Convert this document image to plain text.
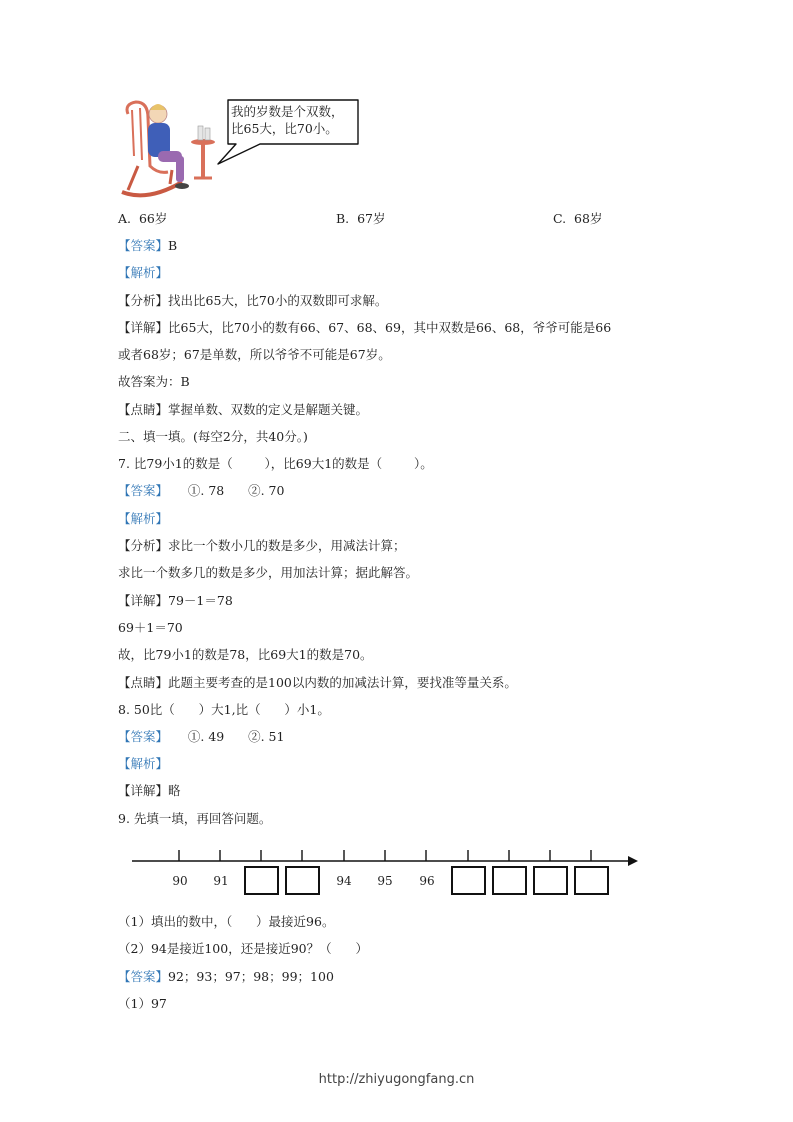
我的岁数是个双数，
比65大，比70小。
A.  66岁	B.  67岁	C.  68岁
【答案】B
【解析】
【分析】找出比65大，比70小的双数即可求解。
【详解】比65大，比70小的数有66、67、68、69，其中双数是66、68，爷爷可能是66
或者68岁；67是单数，所以爷爷不可能是67岁。
故答案为：B
【点睛】掌握单数、双数的定义是解题关键。
二、填一填。(每空2分，共40分。)
7. 比79小1的数是（        ），比69大1的数是（        ）。
【答案】     ①. 78      ②. 70
【解析】
【分析】求比一个数小几的数是多少，用减法计算；
求比一个数多几的数是多少，用加法计算；据此解答。
【详解】79－1＝78
69＋1＝70
故，比79小1的数是78，比69大1的数是70。
【点睛】此题主要考查的是100以内数的加减法计算，要找准等量关系。
8. 50比（      ）大1,比（      ）小1。
【答案】     ①. 49      ②. 51
【解析】
【详解】略
9. 先填一填，再回答问题。
90	91	94	95	96
（1）填出的数中，（      ）最接近96。
（2）94是接近100，还是接近90？（      ）
【答案】92；93；97；98；99；100
（1）97
http://zhiyugongfang.cn
